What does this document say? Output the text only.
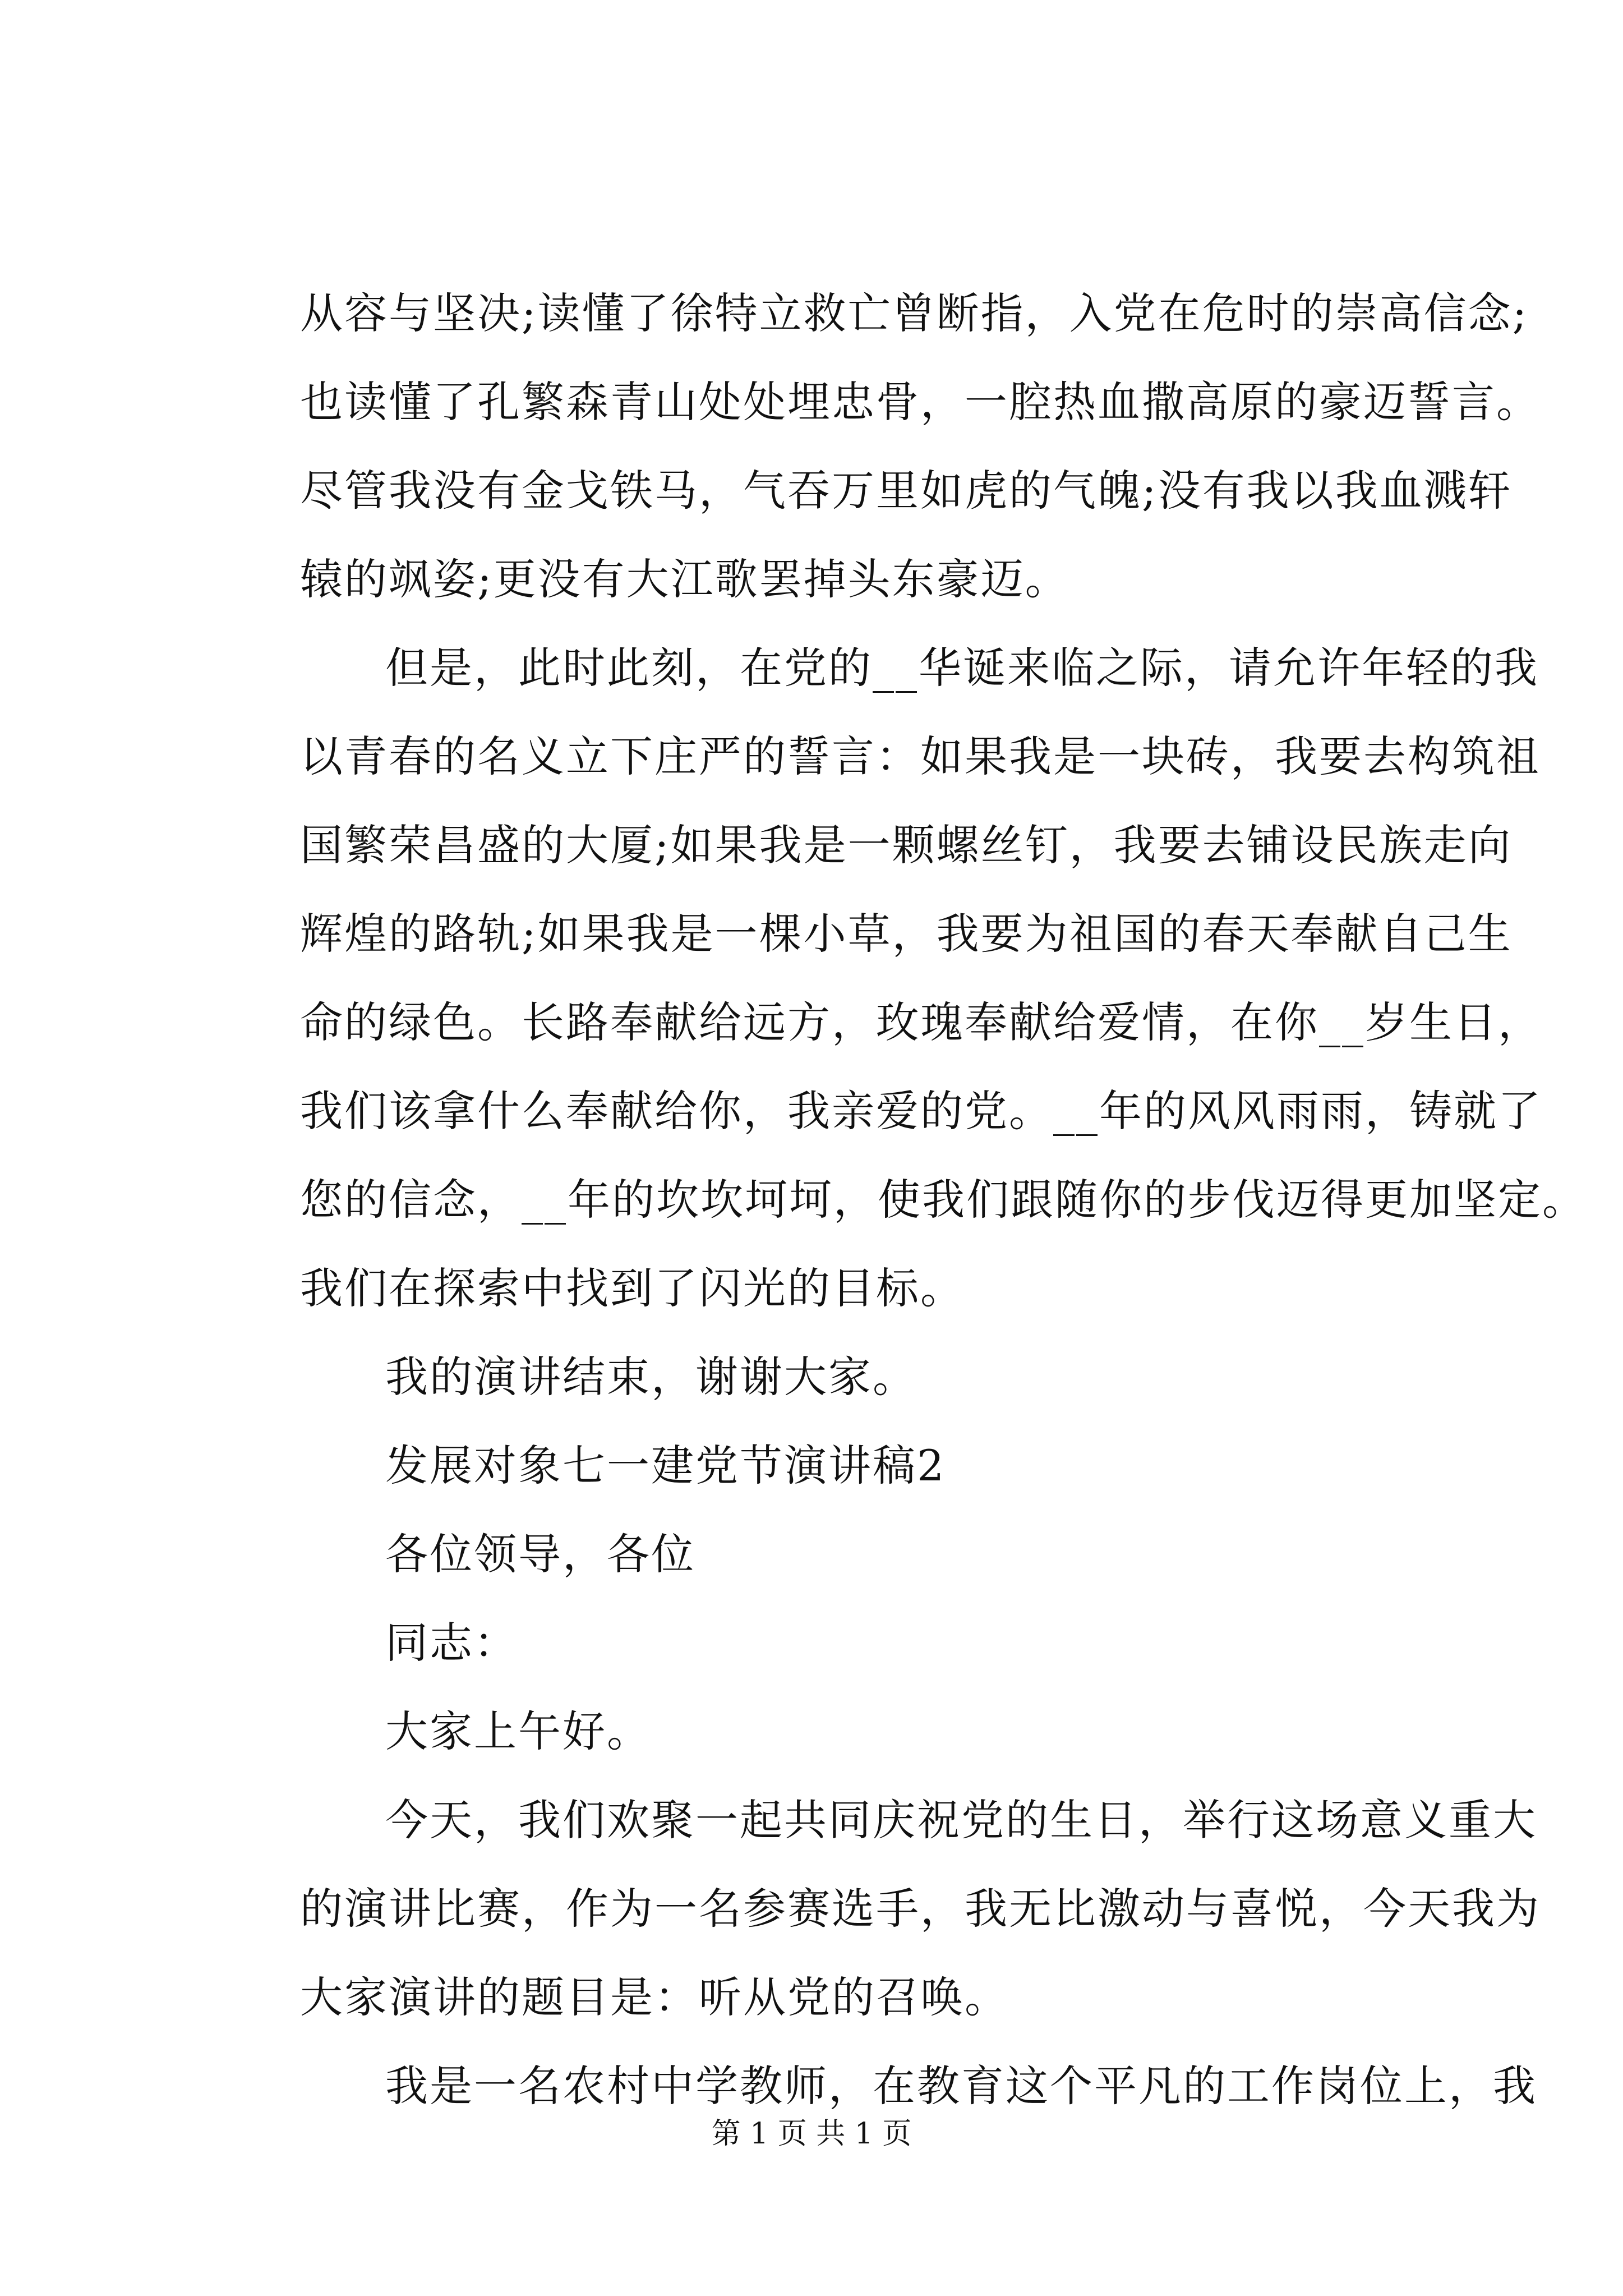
从容与坚决;读懂了徐特立救亡曾断指，入党在危时的崇高信念;
也读懂了孔繁森青山处处埋忠骨，一腔热血撒高原的豪迈誓言。
尽管我没有金戈铁马，气吞万里如虎的气魄;没有我以我血溅轩
辕的飒姿;更没有大江歌罢掉头东豪迈。
但是，此时此刻，在党的__华诞来临之际，请允许年轻的我
以青春的名义立下庄严的誓言：如果我是一块砖，我要去构筑祖
国繁荣昌盛的大厦;如果我是一颗螺丝钉，我要去铺设民族走向
辉煌的路轨;如果我是一棵小草，我要为祖国的春天奉献自己生
命的绿色。长路奉献给远方，玫瑰奉献给爱情，在你__岁生日，
我们该拿什么奉献给你，我亲爱的党。__年的风风雨雨，铸就了
您的信念，__年的坎坎坷坷，使我们跟随你的步伐迈得更加坚定。
我们在探索中找到了闪光的目标。
我的演讲结束，谢谢大家。
发展对象七一建党节演讲稿2
各位领导，各位
同志：
大家上午好。
今天，我们欢聚一起共同庆祝党的生日，举行这场意义重大
的演讲比赛，作为一名参赛选手，我无比激动与喜悦，今天我为
大家演讲的题目是：听从党的召唤。
我是一名农村中学教师，在教育这个平凡的工作岗位上，我
第 1 页 共 1 页
